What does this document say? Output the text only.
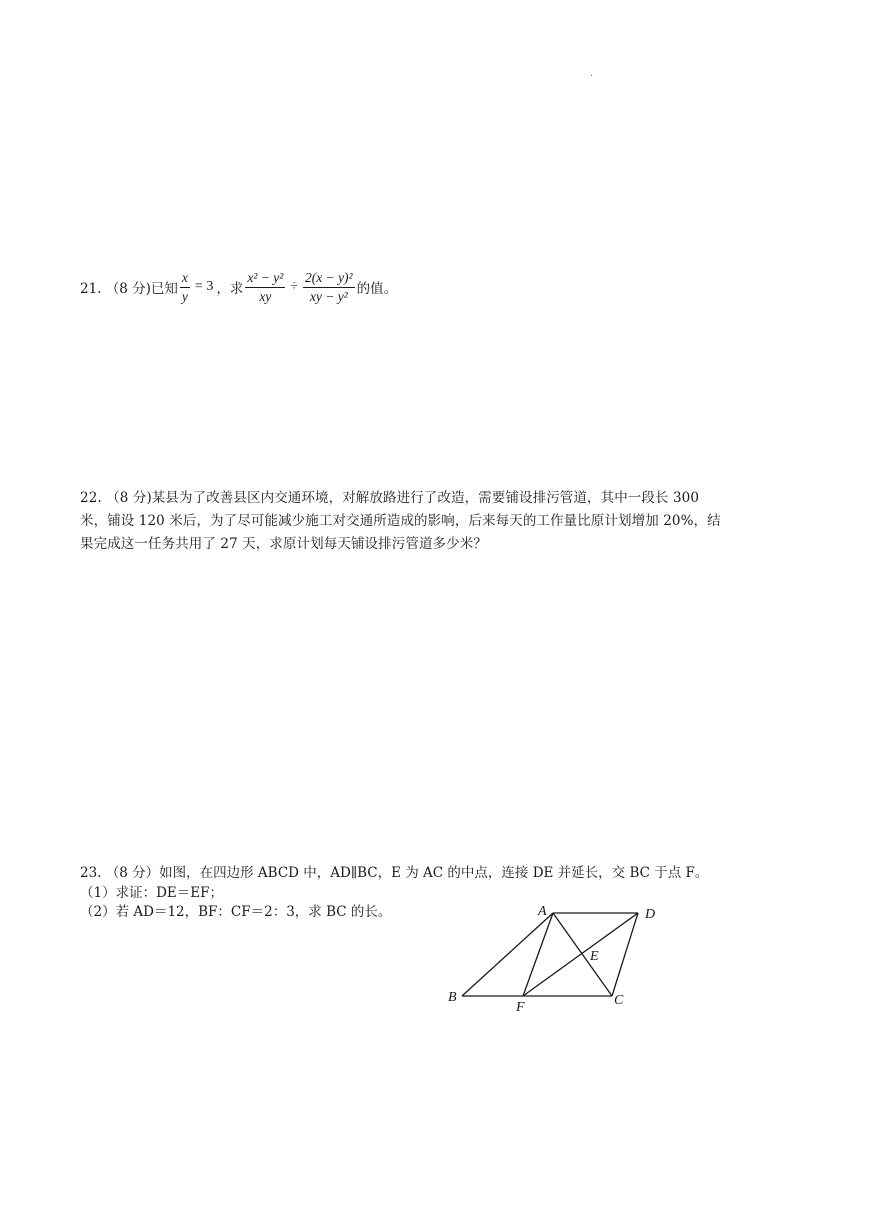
.
21. （8 分)已知 $\frac{x}{y} = 3$ ，求 $\frac{\text{x² − y²}}{xy} \div \frac{\text{2(x − y)²}}{\text{xy − y²}}$ 的值。
22. （8 分)某县为了改善县区内交通环境，对解放路进行了改造，需要铺设排污管道，其中一段长 300
米，铺设 120 米后，为了尽可能减少施工对交通所造成的影响，后来每天的工作量比原计划增加 20%，结
果完成这一任务共用了 27 天，求原计划每天铺设排污管道多少米？
23. （8 分）如图，在四边形 ABCD 中，AD∥BC，E 为 AC 的中点，连接 DE 并延长，交 BC 于点 F。
（1）求证：DE＝EF；
（2）若 AD＝12，BF：CF＝2：3，求 BC 的长。	A	D
B	C
F
E
